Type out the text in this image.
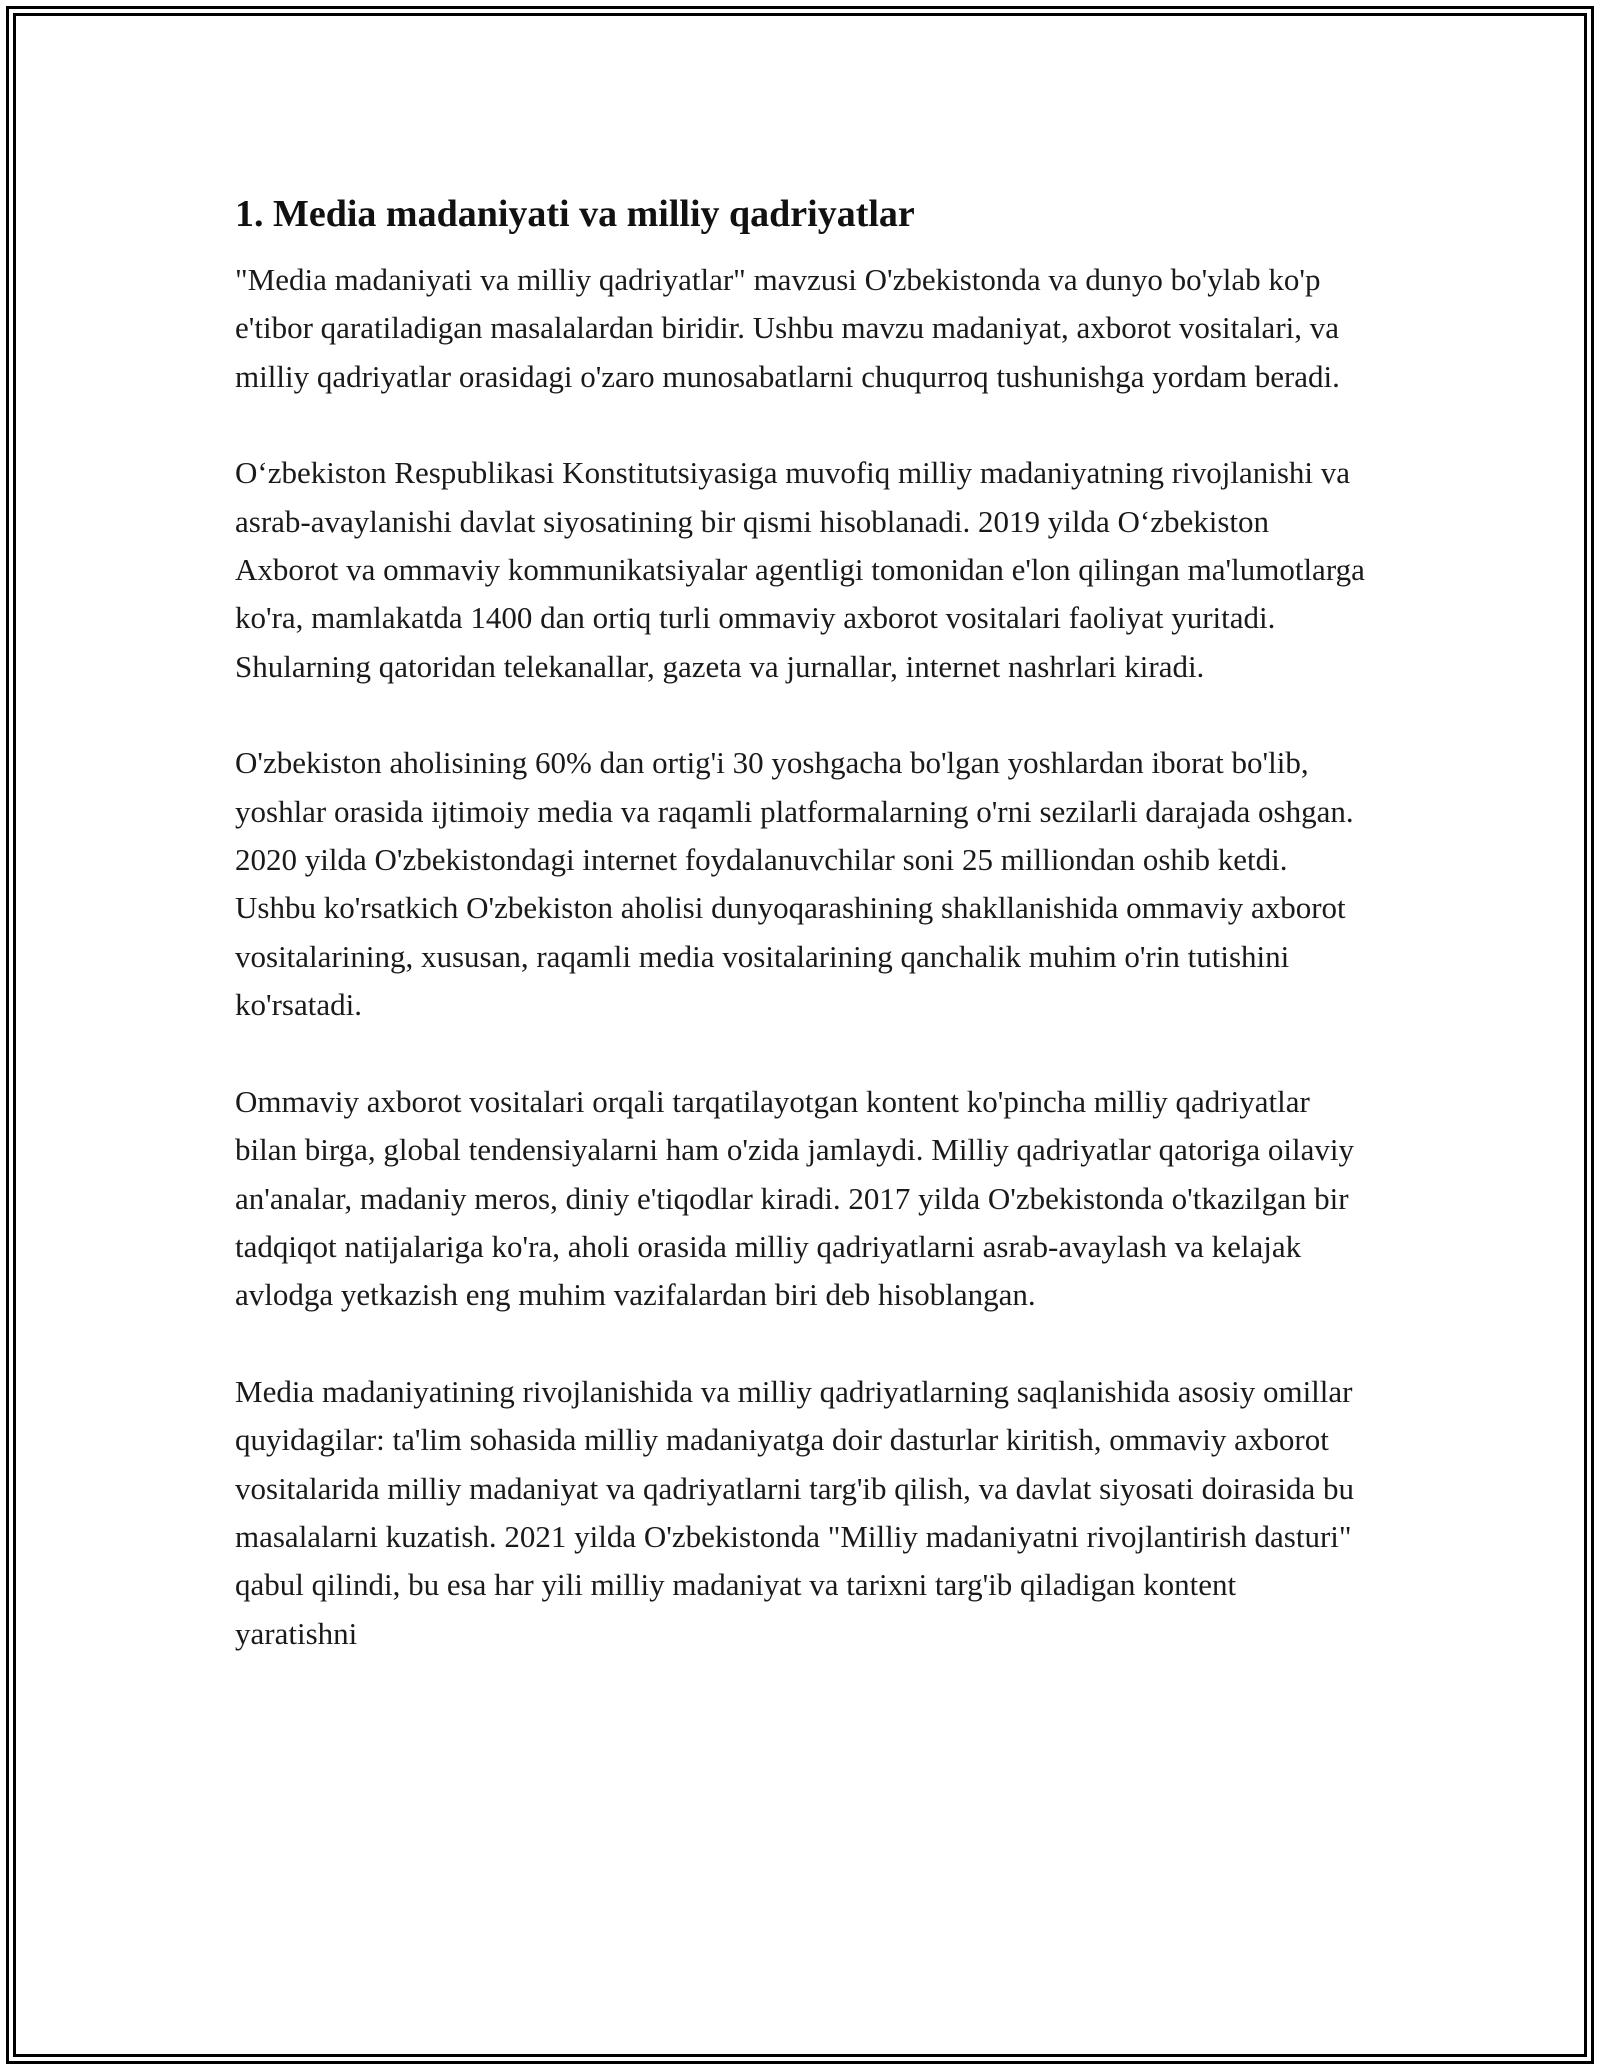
1. Media madaniyati va milliy qadriyatlar

"Media madaniyati va milliy qadriyatlar" mavzusi O'zbekistonda va dunyo bo'ylab ko'p e'tibor qaratiladigan masalalardan biridir. Ushbu mavzu madaniyat, axborot vositalari, va milliy qadriyatlar orasidagi o'zaro munosabatlarni chuqurroq tushunishga yordam beradi.

O‘zbekiston Respublikasi Konstitutsiyasiga muvofiq milliy madaniyatning rivojlanishi va asrab-avaylanishi davlat siyosatining bir qismi hisoblanadi. 2019 yilda O‘zbekiston Axborot va ommaviy kommunikatsiyalar agentligi tomonidan e'lon qilingan ma'lumotlarga ko'ra, mamlakatda 1400 dan ortiq turli ommaviy axborot vositalari faoliyat yuritadi. Shularning qatoridan telekanallar, gazeta va jurnallar, internet nashrlari kiradi.

O'zbekiston aholisining 60% dan ortig'i 30 yoshgacha bo'lgan yoshlardan iborat bo'lib, yoshlar orasida ijtimoiy media va raqamli platformalarning o'rni sezilarli darajada oshgan. 2020 yilda O'zbekistondagi internet foydalanuvchilar soni 25 milliondan oshib ketdi. Ushbu ko'rsatkich O'zbekiston aholisi dunyoqarashining shakllanishida ommaviy axborot vositalarining, xususan, raqamli media vositalarining qanchalik muhim o'rin tutishini ko'rsatadi.

Ommaviy axborot vositalari orqali tarqatilayotgan kontent ko'pincha milliy qadriyatlar bilan birga, global tendensiyalarni ham o'zida jamlaydi. Milliy qadriyatlar qatoriga oilaviy an'analar, madaniy meros, diniy e'tiqodlar kiradi. 2017 yilda O'zbekistonda o'tkazilgan bir tadqiqot natijalariga ko'ra, aholi orasida milliy qadriyatlarni asrab-avaylash va kelajak avlodga yetkazish eng muhim vazifalardan biri deb hisoblangan.

Media madaniyatining rivojlanishida va milliy qadriyatlarning saqlanishida asosiy omillar quyidagilar: ta'lim sohasida milliy madaniyatga doir dasturlar kiritish, ommaviy axborot vositalarida milliy madaniyat va qadriyatlarni targ'ib qilish, va davlat siyosati doirasida bu masalalarni kuzatish. 2021 yilda O'zbekistonda "Milliy madaniyatni rivojlantirish dasturi" qabul qilindi, bu esa har yili milliy madaniyat va tarixni targ'ib qiladigan kontent yaratishni
